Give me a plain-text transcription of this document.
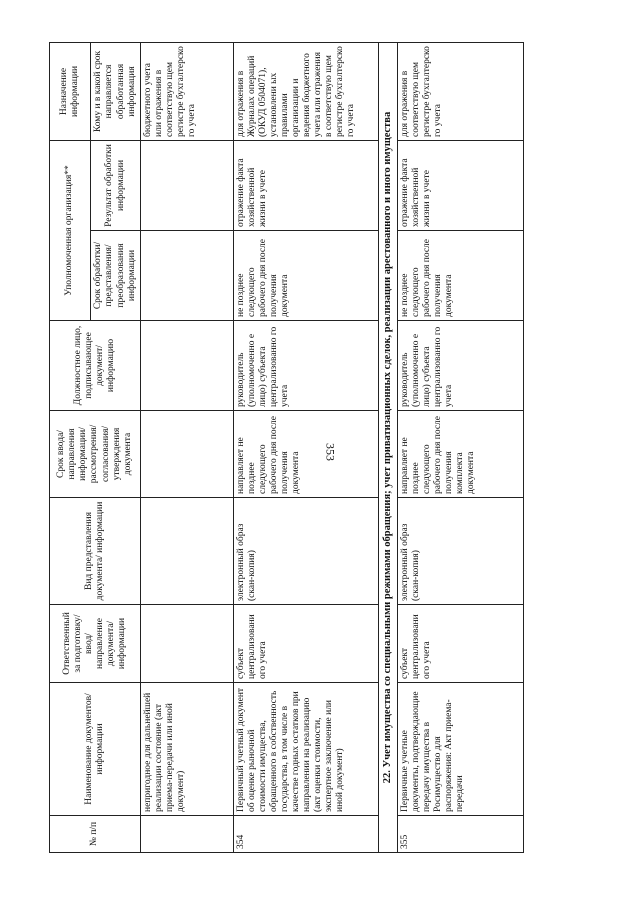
353
№ п/п	Наименование документов/информации	Ответственный за подготовку/ ввод/ направление документа/ информации	Вид представления документа/ информации	Срок ввода/ направления информации/ рассмотрения/ согласования/ утверждения документа	Должностное лицо, подписывающее документ/ информацию	Уполномоченная организация**		Назначение информации
						Срок обработки/ представления/ преобразования информации	Результат обработки информации	Кому и в какой срок направляется обработанная информация
	непригодное для дальнейшей реализации состояние (акт приема-передачи или иной документ)							бюджетного учета или отражения в соответствую щем регистре бухгалтерско го учета
354	Первичный учетный документ об оценке рыночной стоимости имущества, обращенного в собственность государства, в том числе в качестве годных остатков при направлении на реализацию (акт оценки стоимости, экспертное заключение или иной документ)	субъект централизовани ого учета	электронный образ (скан-копия)	направляет не позднее следующего рабочего дня после получения документа	руководитель (уполномоченно е лицо) субъекта централизованно го учета	не позднее следующего рабочего дня после получения документа	отражение факта хозяйственной жизни в учете	для отражения в Журналах операций (ОКУД 0504071), установлени ых правилами организации и ведения бюджетного учета или отражения в соответствую щем регистре бухгалтерско го учета
22. Учет имущества со специальными режимами обращения; учет приватизационных сделок, реализации арестованного и иного имущества								
355	Первичные учетные документы, подтверждающие передачу имущества в Росимущество для распоряжения: Акт приема-передачи	субъект централизовани ого учета	электронный образ (скан-копия)	направляет не позднее следующего рабочего дня после получения комплекта документа	руководитель (уполномоченно е лицо) субъекта централизованно го учета	не позднее следующего рабочего дня после получения документа	отражение факта хозяйственной жизни в учете	для отражения в соответствую щем регистре бухгалтерско го учета
